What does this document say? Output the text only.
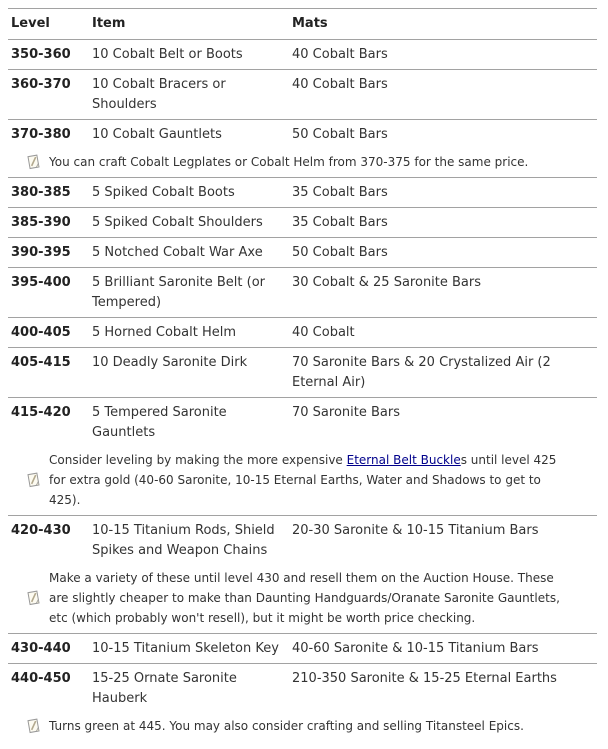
Level	Item	Mats
350-360	10 Cobalt Belt or Boots	40 Cobalt Bars
360-370	10 Cobalt Bracers or Shoulders	40 Cobalt Bars
370-380	10 Cobalt Gauntlets	50 Cobalt Bars

You can craft Cobalt Legplates or Cobalt Helm from 370-375 for the same price.		

380-385	5 Spiked Cobalt Boots	35 Cobalt Bars
385-390	5 Spiked Cobalt Shoulders	35 Cobalt Bars
390-395	5 Notched Cobalt War Axe	50 Cobalt Bars
395-400	5 Brilliant Saronite Belt (or Tempered)	30 Cobalt & 25 Saronite Bars
400-405	5 Horned Cobalt Helm	40 Cobalt
405-415	10 Deadly Saronite Dirk	70 Saronite Bars & 20 Crystalized Air (2 Eternal Air)
415-420	5 Tempered Saronite Gauntlets	70 Saronite Bars

Consider leveling by making the more expensive Eternal Belt Buckles until level 425 for extra gold (40-60 Saronite, 10-15 Eternal Earths, Water and Shadows to get to 425).		

420-430	10-15 Titanium Rods, Shield Spikes and Weapon Chains	20-30 Saronite & 10-15 Titanium Bars

Make a variety of these until level 430 and resell them on the Auction House. These are slightly cheaper to make than Daunting Handguards/Oranate Saronite Gauntlets, etc (which probably won't resell), but it might be worth price checking.		

430-440	10-15 Titanium Skeleton Key	40-60 Saronite & 10-15 Titanium Bars
440-450	15-25 Ornate Saronite Hauberk	210-350 Saronite & 15-25 Eternal Earths

Turns green at 445. You may also consider crafting and selling Titansteel Epics.		
